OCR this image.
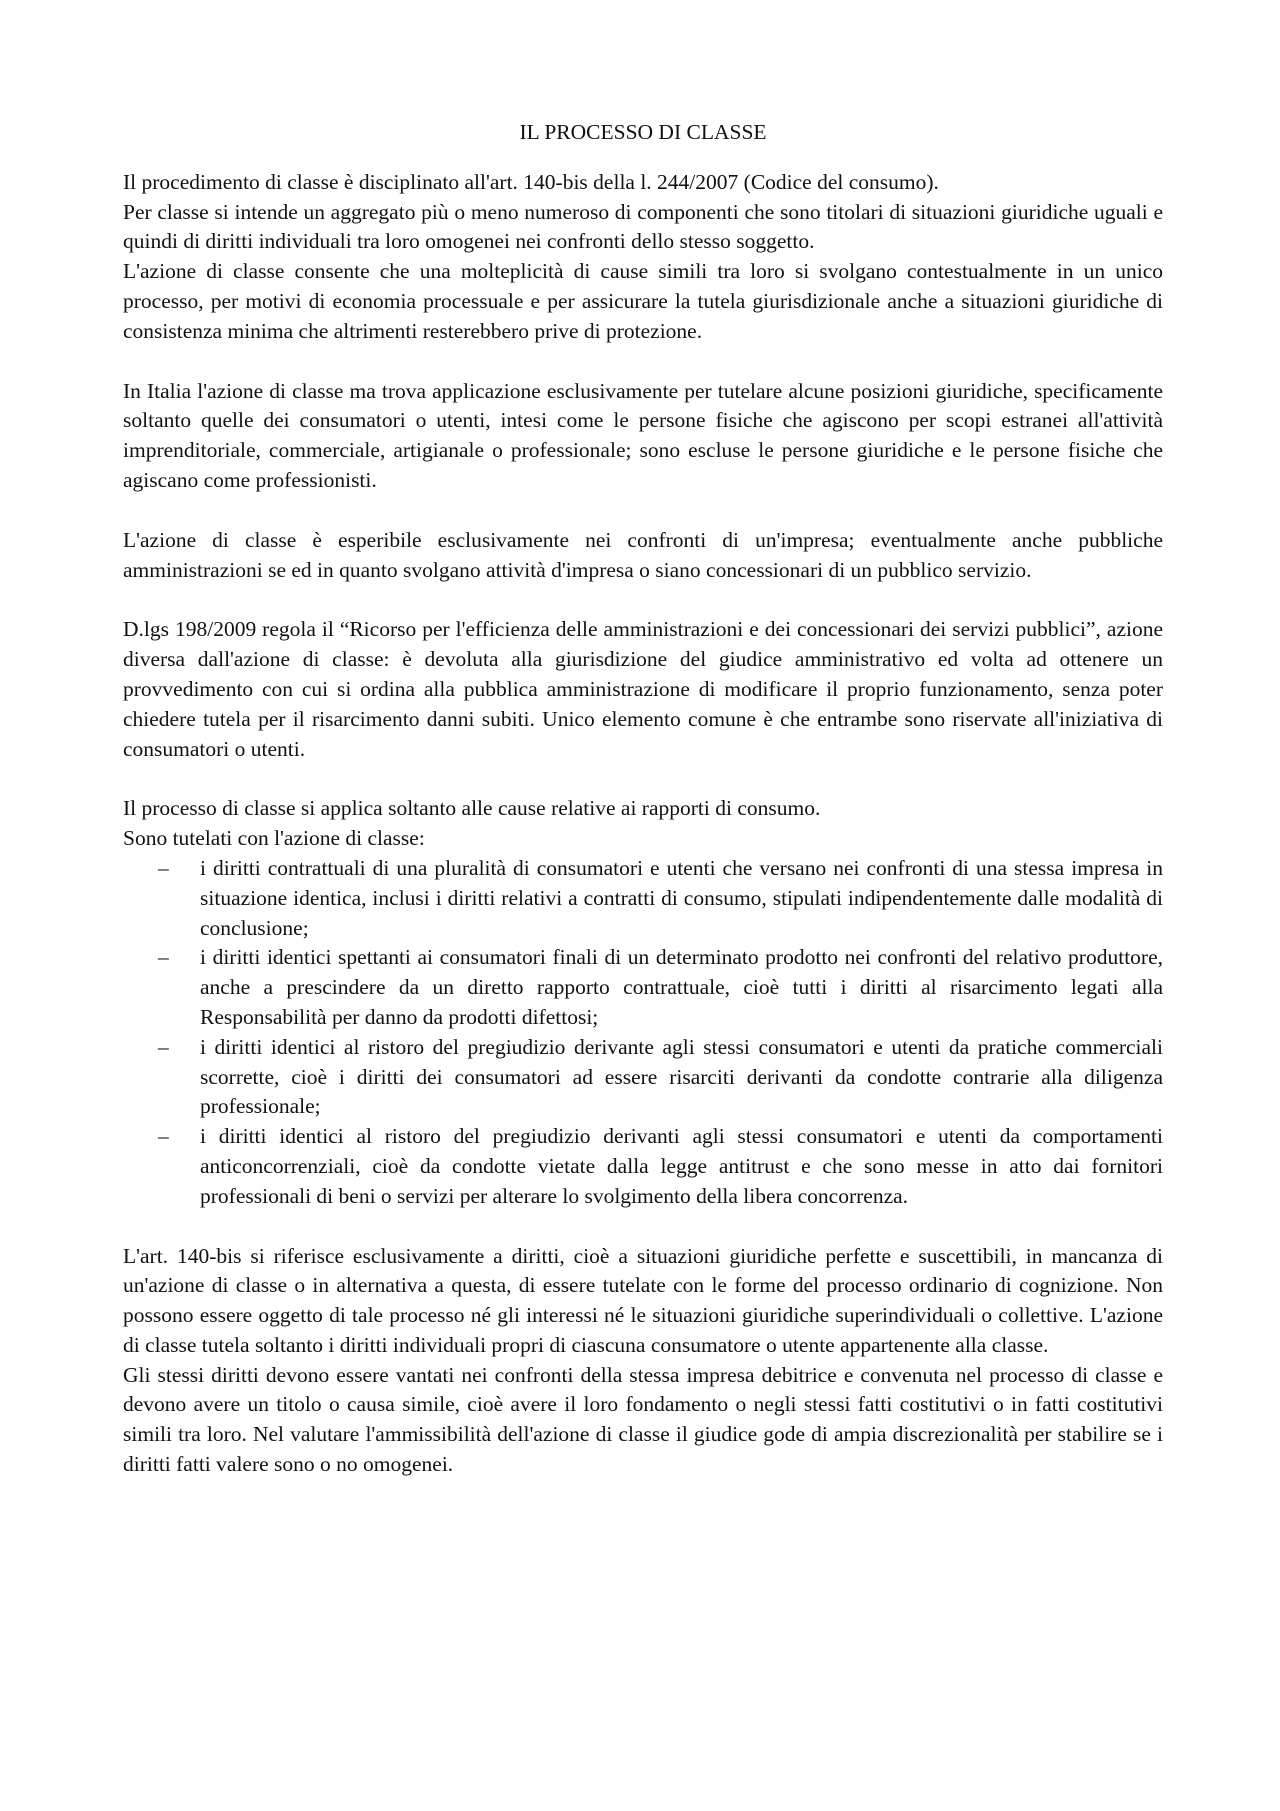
IL PROCESSO DI CLASSE

Il procedimento di classe è disciplinato all'art. 140-bis della l. 244/2007 (Codice del consumo).

Per classe si intende un aggregato più o meno numeroso di componenti che sono titolari di situazioni giuridiche uguali e quindi di diritti individuali tra loro omogenei nei confronti dello stesso soggetto.

L'azione di classe consente che una molteplicità di cause simili tra loro si svolgano contestualmente in un unico processo, per motivi di economia processuale e per assicurare la tutela giurisdizionale anche a situazioni giuridiche di consistenza minima che altrimenti resterebbero prive di protezione.

In Italia l'azione di classe ma trova applicazione esclusivamente per tutelare alcune posizioni giuridiche, specificamente soltanto quelle dei consumatori o utenti, intesi come le persone fisiche che agiscono per scopi estranei all'attività imprenditoriale, commerciale, artigianale o professionale; sono escluse le persone giuridiche e le persone fisiche che agiscano come professionisti.

L'azione di classe è esperibile esclusivamente nei confronti di un'impresa; eventualmente anche pubbliche amministrazioni se ed in quanto svolgano attività d'impresa o siano concessionari di un pubblico servizio.

D.lgs 198/2009 regola il “Ricorso per l'efficienza delle amministrazioni e dei concessionari dei servizi pubblici”, azione diversa dall'azione di classe: è devoluta alla giurisdizione del giudice amministrativo ed volta ad ottenere un provvedimento con cui si ordina alla pubblica amministrazione di modificare il proprio funzionamento, senza poter chiedere tutela per il risarcimento danni subiti. Unico elemento comune è che entrambe sono riservate all'iniziativa di consumatori o utenti.

Il processo di classe si applica soltanto alle cause relative ai rapporti di consumo.

Sono tutelati con l'azione di classe:

– i diritti contrattuali di una pluralità di consumatori e utenti che versano nei confronti di una stessa impresa in situazione identica, inclusi i diritti relativi a contratti di consumo, stipulati indipendentemente dalle modalità di conclusione;
– i diritti identici spettanti ai consumatori finali di un determinato prodotto nei confronti del relativo produttore, anche a prescindere da un diretto rapporto contrattuale, cioè tutti i diritti al risarcimento legati alla Responsabilità per danno da prodotti difettosi;
– i diritti identici al ristoro del pregiudizio derivante agli stessi consumatori e utenti da pratiche commerciali scorrette, cioè i diritti dei consumatori ad essere risarciti derivanti da condotte contrarie alla diligenza professionale;
– i diritti identici al ristoro del pregiudizio derivanti agli stessi consumatori e utenti da comportamenti anticoncorrenziali, cioè da condotte vietate dalla legge antitrust e che sono messe in atto dai fornitori professionali di beni o servizi per alterare lo svolgimento della libera concorrenza.

L'art. 140-bis si riferisce esclusivamente a diritti, cioè a situazioni giuridiche perfette e suscettibili, in mancanza di un'azione di classe o in alternativa a questa, di essere tutelate con le forme del processo ordinario di cognizione. Non possono essere oggetto di tale processo né gli interessi né le situazioni giuridiche superindividuali o collettive. L'azione di classe tutela soltanto i diritti individuali propri di ciascuna consumatore o utente appartenente alla classe.

Gli stessi diritti devono essere vantati nei confronti della stessa impresa debitrice e convenuta nel processo di classe e devono avere un titolo o causa simile, cioè avere il loro fondamento o negli stessi fatti costitutivi o in fatti costitutivi simili tra loro. Nel valutare l'ammissibilità dell'azione di classe il giudice gode di ampia discrezionalità per stabilire se i diritti fatti valere sono o no omogenei.
